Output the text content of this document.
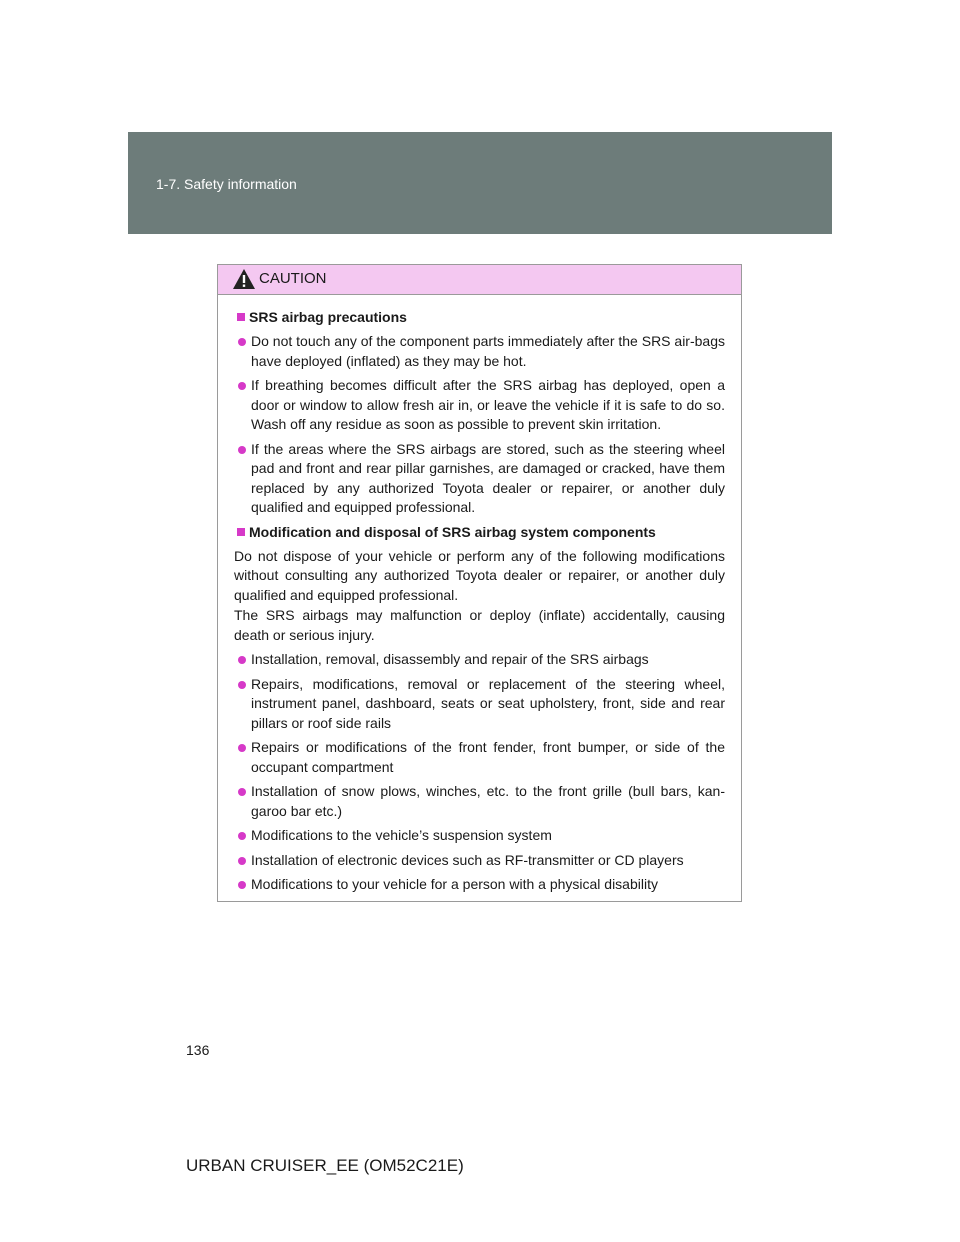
1-7. Safety information
CAUTION
SRS airbag precautions
Do not touch any of the component parts immediately after the SRS air-bags have deployed (inflated) as they may be hot.
If breathing becomes difficult after the SRS airbag has deployed, open a door or window to allow fresh air in, or leave the vehicle if it is safe to do so. Wash off any residue as soon as possible to prevent skin irritation.
If the areas where the SRS airbags are stored, such as the steering wheel pad and front and rear pillar garnishes, are damaged or cracked, have them replaced by any authorized Toyota dealer or repairer, or another duly qualified and equipped professional.
Modification and disposal of SRS airbag system components
Do not dispose of your vehicle or perform any of the following modifications without consulting any authorized Toyota dealer or repairer, or another duly qualified and equipped professional.
The SRS airbags may malfunction or deploy (inflate) accidentally, causing death or serious injury.
Installation, removal, disassembly and repair of the SRS airbags
Repairs, modifications, removal or replacement of the steering wheel, instrument panel, dashboard, seats or seat upholstery, front, side and rear pillars or roof side rails
Repairs or modifications of the front fender, front bumper, or side of the occupant compartment
Installation of snow plows, winches, etc. to the front grille (bull bars, kan-garoo bar etc.)
Modifications to the vehicle’s suspension system
Installation of electronic devices such as RF-transmitter or CD players
Modifications to your vehicle for a person with a physical disability
136
URBAN CRUISER_EE (OM52C21E)
